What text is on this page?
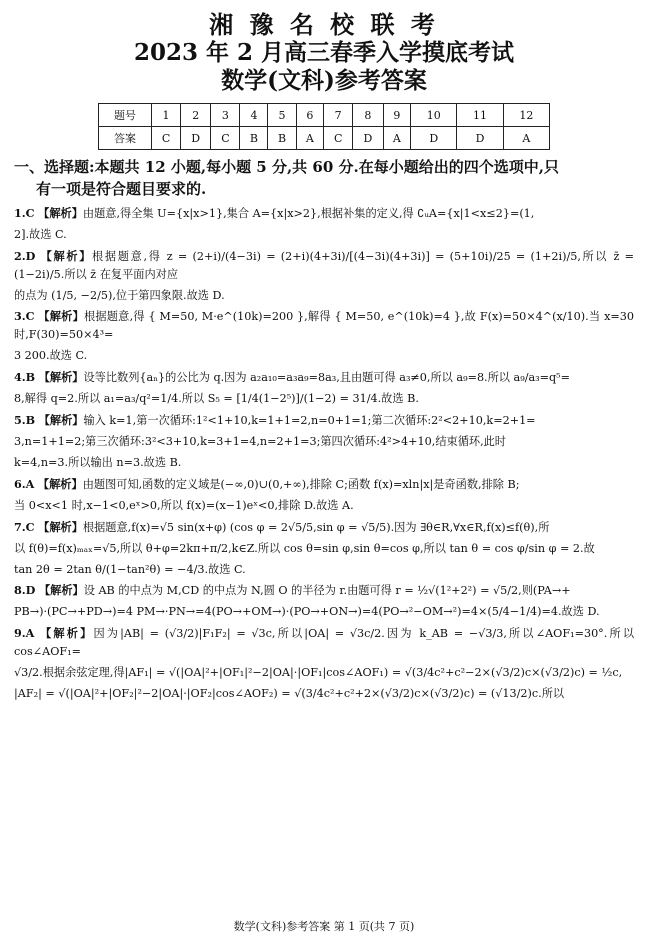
湘 豫 名 校 联 考
2023 年 2 月高三春季入学摸底考试
数学(文科)参考答案
题号	1	2	3	4	5	6	7	8	9	10	11	12
答案	C	D	C	B	B	A	C	D	A	D	D	A
一、选择题:本题共 12 小题,每小题 5 分,共 60 分.在每小题给出的四个选项中,只
有一项是符合题目要求的.

1.C 【解析】由题意,得全集 U={x|x>1},集合 A={x|x>2},根据补集的定义,得 ∁ᵤA={x|1<x≤2}=(1,

2].故选 C.

2.D 【解析】根据题意,得 z = (2+i)/(4−3i) = (2+i)(4+3i)/[(4−3i)(4+3i)] = (5+10i)/25 = (1+2i)/5,所以 z̄ = (1−2i)/5.所以 z̄ 在复平面内对应

的点为 (1/5, −2/5),位于第四象限.故选 D.

3.C 【解析】根据题意,得 { M=50, M·e^(10k)=200 },解得 { M=50, e^(10k)=4 },故 F(x)=50×4^(x/10).当 x=30 时,F(30)=50×4³=

3 200.故选 C.

4.B 【解析】设等比数列{aₙ}的公比为 q.因为 a₂a₁₀=a₃a₉=8a₃,且由题可得 a₃≠0,所以 a₉=8.所以 a₉/a₃=q⁵=

8,解得 q=2.所以 a₁=a₃/q²=1/4.所以 S₅ = [1/4(1−2⁵)]/(1−2) = 31/4.故选 B.

5.B 【解析】输入 k=1,第一次循环:1²<1+10,k=1+1=2,n=0+1=1;第二次循环:2²<2+10,k=2+1=

3,n=1+1=2;第三次循环:3²<3+10,k=3+1=4,n=2+1=3;第四次循环:4²>4+10,结束循环,此时

k=4,n=3.所以输出 n=3.故选 B.

6.A 【解析】由题图可知,函数的定义域是(−∞,0)∪(0,+∞),排除 C;函数 f(x)=xln|x|是奇函数,排除 B;

当 0<x<1 时,x−1<0,eˣ>0,所以 f(x)=(x−1)eˣ<0,排除 D.故选 A.

7.C 【解析】根据题意,f(x)=√5 sin(x+φ) (cos φ = 2√5/5,sin φ = √5/5).因为 ∃θ∈R,∀x∈R,f(x)≤f(θ),所

以 f(θ)=f(x)ₘₐₓ=√5,所以 θ+φ=2kπ+π/2,k∈Z.所以 cos θ=sin φ,sin θ=cos φ,所以 tan θ = cos φ/sin φ = 2.故

tan 2θ = 2tan θ/(1−tan²θ) = −4/3.故选 C.

8.D 【解析】设 AB 的中点为 M,CD 的中点为 N,圆 O 的半径为 r.由题可得 r = ½√(1²+2²) = √5/2,则(PA→+

PB→)·(PC→+PD→)=4 PM→·PN→=4(PO→+OM→)·(PO→+ON→)=4(PO→²−OM→²)=4×(5/4−1/4)=4.故选 D.

9.A 【解析】因为|AB| = (√3/2)|F₁F₂| = √3c,所以|OA| = √3c/2.因为 k_AB = −√3/3,所以∠AOF₁=30°.所以 cos∠AOF₁=

√3/2.根据余弦定理,得|AF₁| = √(|OA|²+|OF₁|²−2|OA|·|OF₁|cos∠AOF₁) = √(3/4c²+c²−2×(√3/2)c×(√3/2)c) = ½c,

|AF₂| = √(|OA|²+|OF₂|²−2|OA|·|OF₂|cos∠AOF₂) = √(3/4c²+c²+2×(√3/2)c×(√3/2)c) = (√13/2)c.所以

数学(文科)参考答案 第 1 页(共 7 页)
